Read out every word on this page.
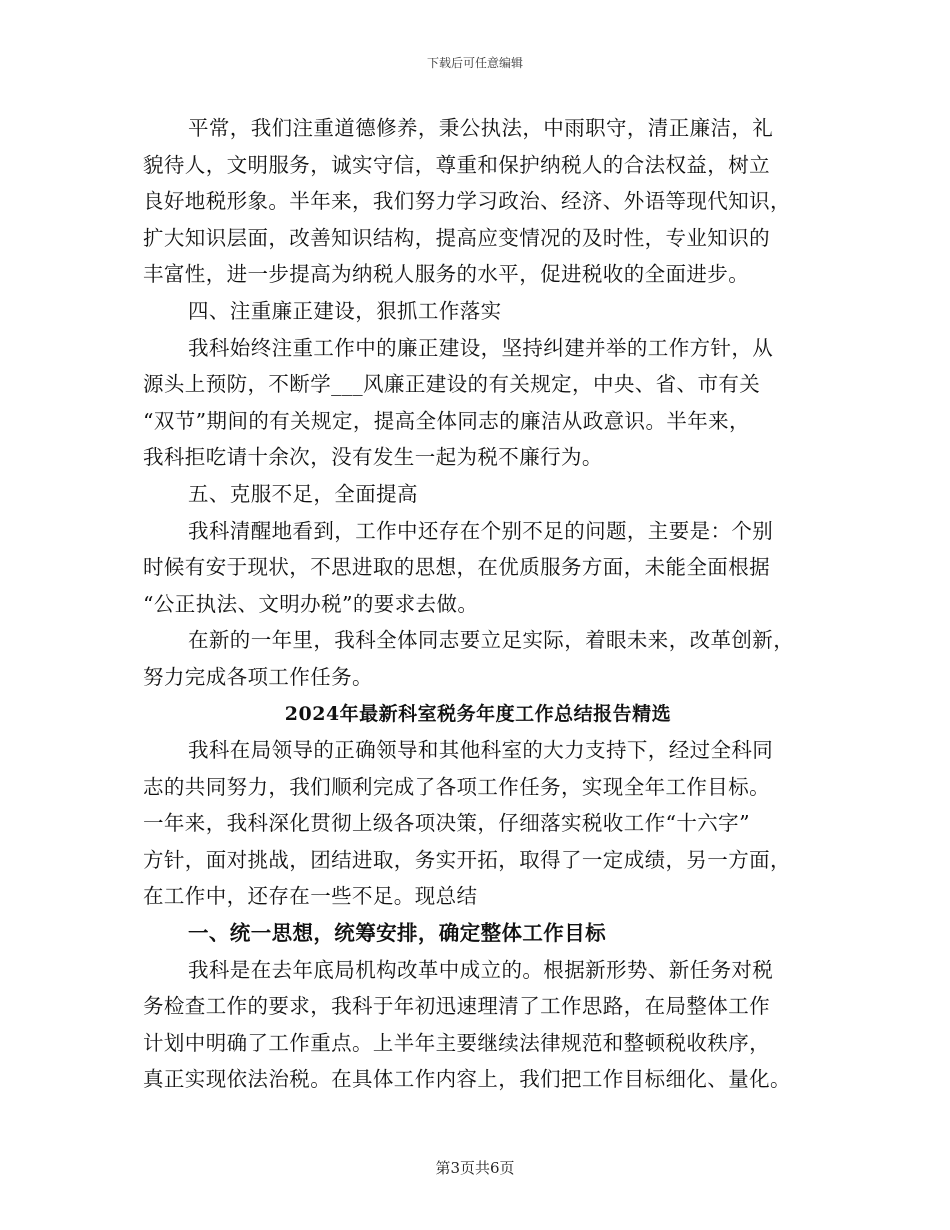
下载后可任意编辑
平常，我们注重道德修养，秉公执法，中雨职守，清正廉洁，礼
貌待人，文明服务，诚实守信，尊重和保护纳税人的合法权益，树立
良好地税形象。半年来，我们努力学习政治、经济、外语等现代知识，
扩大知识层面，改善知识结构，提高应变情况的及时性，专业知识的
丰富性，进一步提高为纳税人服务的水平，促进税收的全面进步。
四、注重廉正建设，狠抓工作落实
我科始终注重工作中的廉正建设，坚持纠建并举的工作方针，从
源头上预防，不断学___风廉正建设的有关规定，中央、省、市有关
“双节”期间的有关规定，提高全体同志的廉洁从政意识。半年来，
我科拒吃请十余次，没有发生一起为税不廉行为。
五、克服不足，全面提高
我科清醒地看到，工作中还存在个别不足的问题，主要是：个别
时候有安于现状，不思进取的思想，在优质服务方面，未能全面根据
“公正执法、文明办税”的要求去做。
在新的一年里，我科全体同志要立足实际，着眼未来，改革创新，
努力完成各项工作任务。
2024年最新科室税务年度工作总结报告精选
我科在局领导的正确领导和其他科室的大力支持下，经过全科同
志的共同努力，我们顺利完成了各项工作任务，实现全年工作目标。
一年来，我科深化贯彻上级各项决策，仔细落实税收工作“十六字”
方针，面对挑战，团结进取，务实开拓，取得了一定成绩，另一方面，
在工作中，还存在一些不足。现总结
一、统一思想，统筹安排，确定整体工作目标
我科是在去年底局机构改革中成立的。根据新形势、新任务对税
务检查工作的要求，我科于年初迅速理清了工作思路，在局整体工作
计划中明确了工作重点。上半年主要继续法律规范和整顿税收秩序，
真正实现依法治税。在具体工作内容上，我们把工作目标细化、量化。
第3页共6页
